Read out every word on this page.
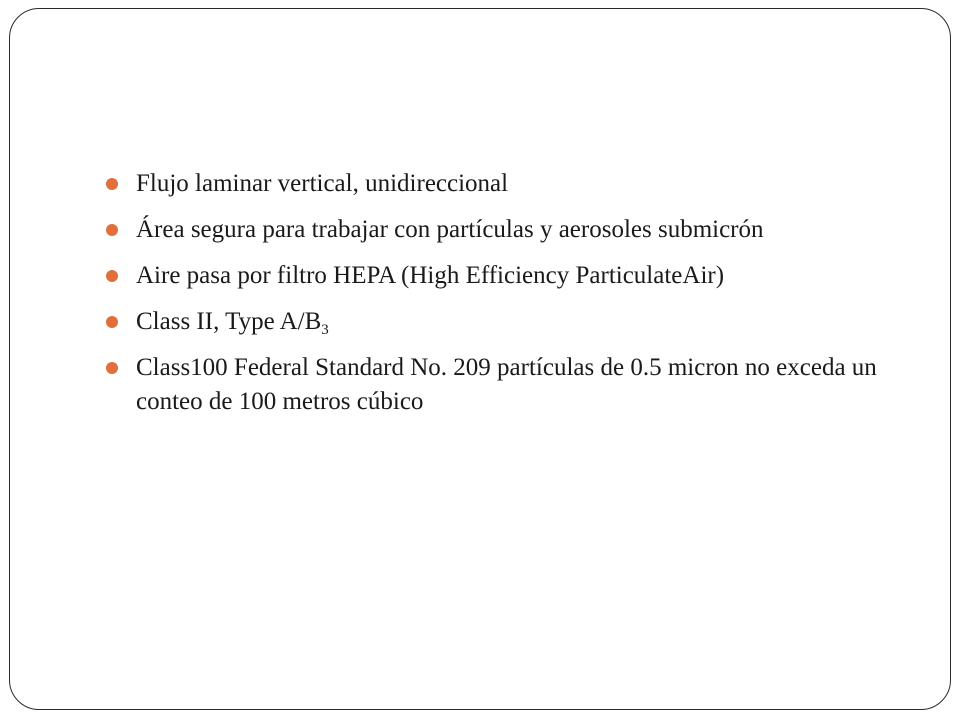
Flujo laminar vertical, unidireccional
Área segura para trabajar con partículas y aerosoles submicrón
Aire pasa por filtro HEPA (High Efficiency ParticulateAir)
Class II, Type $A/B_3$
Class100 Federal Standard No. 209 partículas de 0.5 micron no exceda un conteo de 100 metros cúbico
